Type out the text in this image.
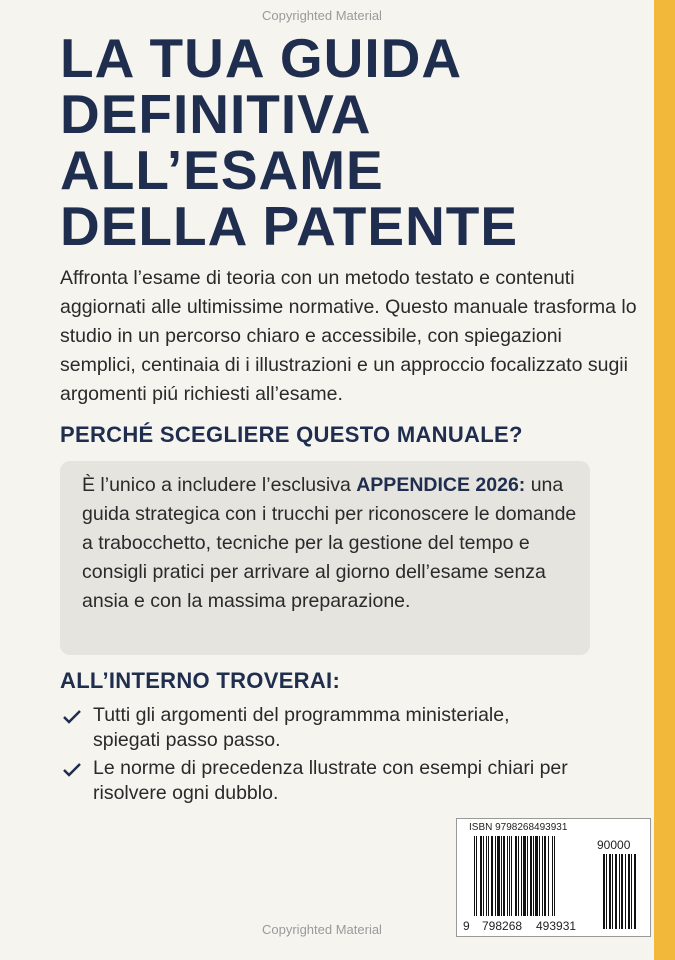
Copyrighted Material
LA TUA GUIDA
DEFINITIVA
ALL’ESAME
DELLA PATENTE

Affronta l’esame di teoria con un metodo testato e contenuti aggiornati alle ultimissime normative. Questo manuale trasforma lo studio in un percorso chiaro e accessibile, con spiegazioni semplici, centinaia di i illustrazioni e un approccio focalizzato sugii argomenti piú richiesti all’esame.

PERCHÉ SCEGLIERE QUESTO MANUALE?

È l’unico a includere l’esclusiva APPENDICE 2026: una guida strategica con i trucchi per riconoscere le domande a trabocchetto, tecniche per la gestione del tempo e consigli pratici per arrivare al giorno dell’esame senza ansia e con la massima preparazione.

ALL’INTERNO TROVERAI:
Tutti gli argomenti del programmma ministeriale, spiegati passo passo.
Le norme di precedenza llustrate con esempi chiari per risolvere ogni dubblo.
ISBN 9798268493931
90000
9 798268 493931
Copyrighted Material
